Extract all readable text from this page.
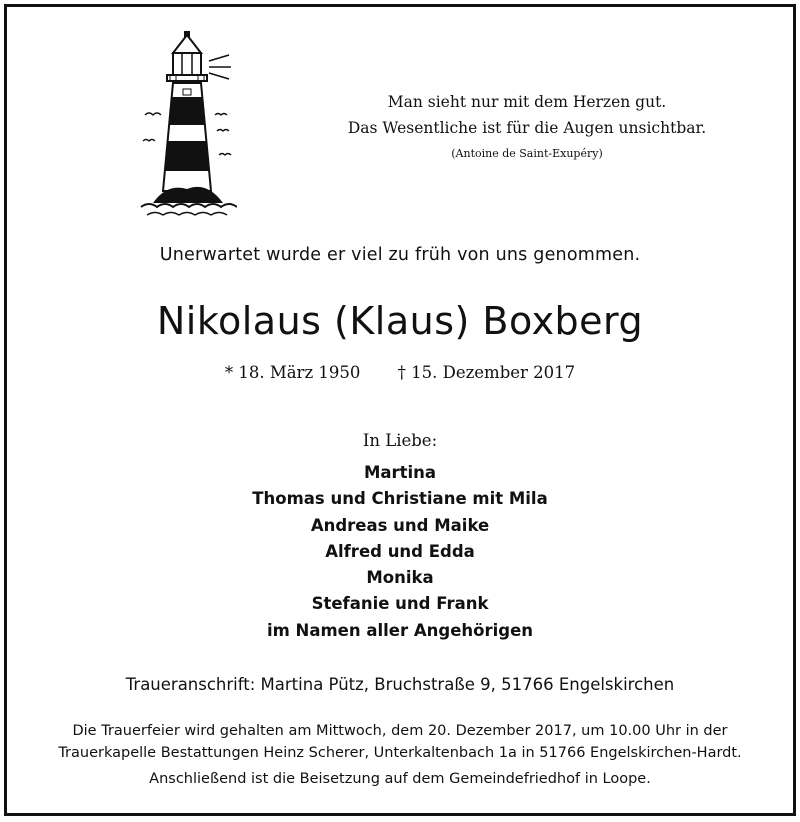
Man sieht nur mit dem Herzen gut.
Das Wesentliche ist für die Augen unsichtbar.
(Antoine de Saint-Exupéry)
Unerwartet wurde er viel zu früh von uns genommen.
Nikolaus (Klaus) Boxberg
* 18. März 1950 † 15. Dezember 2017
In Liebe:
Martina
Thomas und Christiane mit Mila
Andreas und Maike
Alfred und Edda
Monika
Stefanie und Frank
im Namen aller Angehörigen
Traueranschrift: Martina Pütz, Bruchstraße 9, 51766 Engelskirchen
Die Trauerfeier wird gehalten am Mittwoch, dem 20. Dezember 2017, um 10.00 Uhr in der
Trauerkapelle Bestattungen Heinz Scherer, Unterkaltenbach 1a in 51766 Engelskirchen-Hardt.
Anschließend ist die Beisetzung auf dem Gemeindefriedhof in Loope.
